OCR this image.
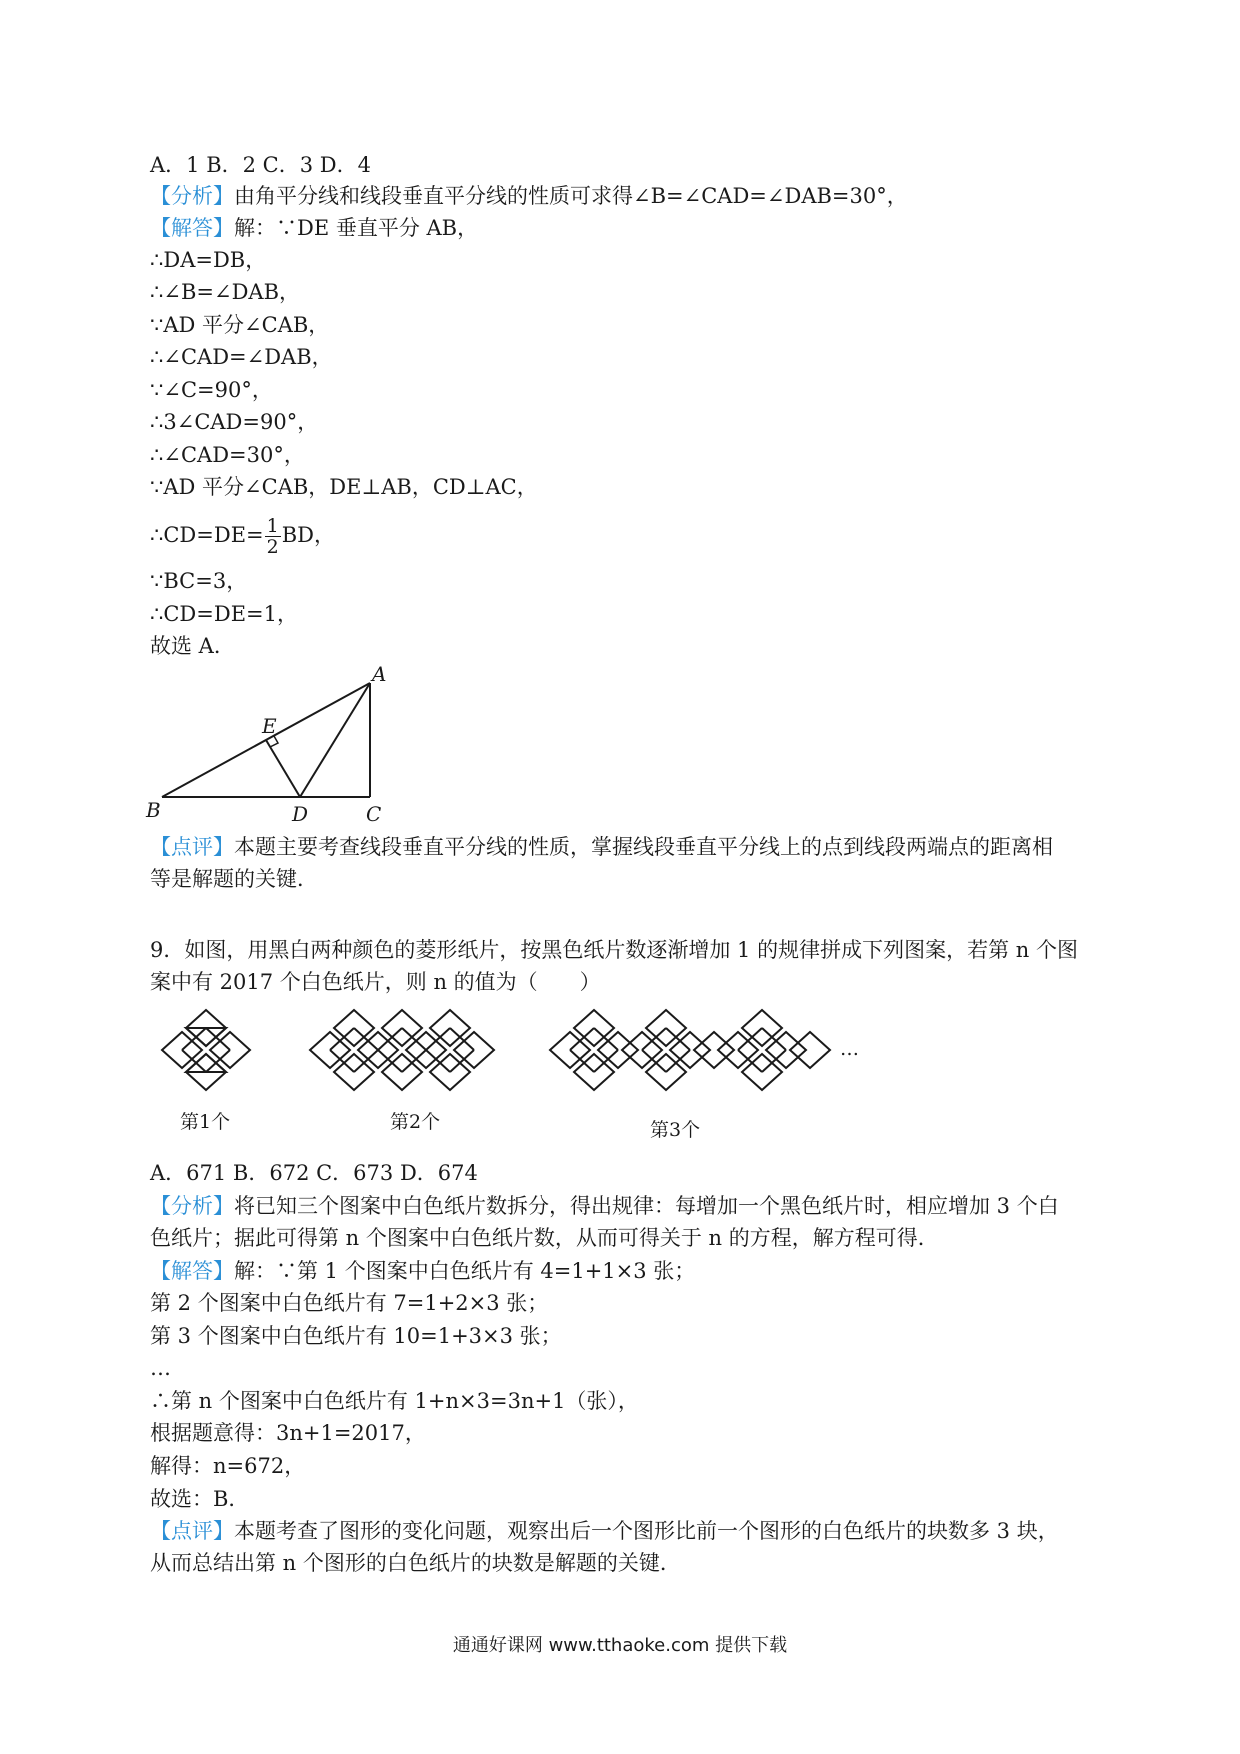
A．1 B．2 C．3 D．4
【分析】由角平分线和线段垂直平分线的性质可求得∠B=∠CAD=∠DAB=30°，
【解答】解：∵DE 垂直平分 AB，
∴DA=DB，
∴∠B=∠DAB，
∵AD 平分∠CAB，
∴∠CAD=∠DAB，
∵∠C=90°，
∴3∠CAD=90°，
∴∠CAD=30°，
∵AD 平分∠CAB，DE⊥AB，CD⊥AC，
∴CD=DE= $\frac{1}{2}$ BD，
∵BC=3，
∴CD=DE=1，
故选 A．
A
B	C
D
E
【点评】本题主要考查线段垂直平分线的性质，掌握线段垂直平分线上的点到线段两端点的距离相
等是解题的关键．
9．如图，用黑白两种颜色的菱形纸片，按黑色纸片数逐渐增加 1 的规律拼成下列图案，若第 n 个图
案中有 2017 个白色纸片，则 n 的值为（　　）
第1个	第2个	第3个
…
A．671 B．672 C．673 D．674
【分析】将已知三个图案中白色纸片数拆分，得出规律：每增加一个黑色纸片时，相应增加 3 个白
色纸片；据此可得第 n 个图案中白色纸片数，从而可得关于 n 的方程，解方程可得．
【解答】解：∵第 1 个图案中白色纸片有 4=1+1×3 张；
第 2 个图案中白色纸片有 7=1+2×3 张；
第 3 个图案中白色纸片有 10=1+3×3 张；
…
∴第 n 个图案中白色纸片有 1+n×3=3n+1（张），
根据题意得：3n+1=2017，
解得：n=672，
故选：B．
【点评】本题考查了图形的变化问题，观察出后一个图形比前一个图形的白色纸片的块数多 3 块，
从而总结出第 n 个图形的白色纸片的块数是解题的关键．
通通好课网 www.tthaoke.com 提供下载
